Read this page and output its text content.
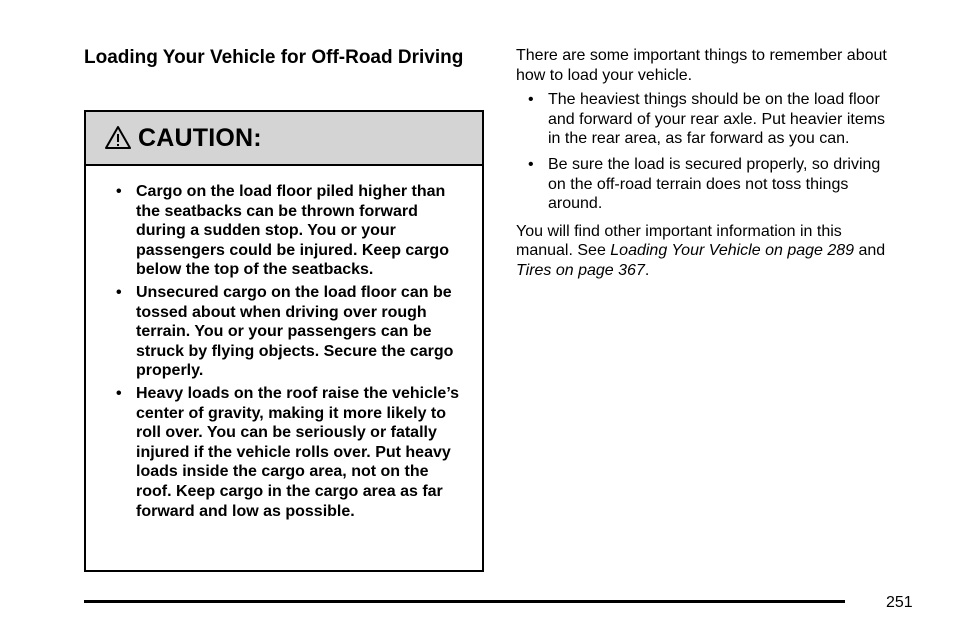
Loading Your Vehicle for Off-Road Driving
CAUTION:
• Cargo on the load floor piled higher than the seatbacks can be thrown forward during a sudden stop. You or your passengers could be injured. Keep cargo below the top of the seatbacks.
• Unsecured cargo on the load floor can be tossed about when driving over rough terrain. You or your passengers can be struck by flying objects. Secure the cargo properly.
• Heavy loads on the roof raise the vehicle’s center of gravity, making it more likely to roll over. You can be seriously or fatally injured if the vehicle rolls over. Put heavy loads inside the cargo area, not on the roof. Keep cargo in the cargo area as far forward and low as possible.

There are some important things to remember about how to load your vehicle.

• The heaviest things should be on the load floor and forward of your rear axle. Put heavier items in the rear area, as far forward as you can.
• Be sure the load is secured properly, so driving on the off-road terrain does not toss things around.

You will find other important information in this manual. See Loading Your Vehicle on page 289 and Tires on page 367.

251
